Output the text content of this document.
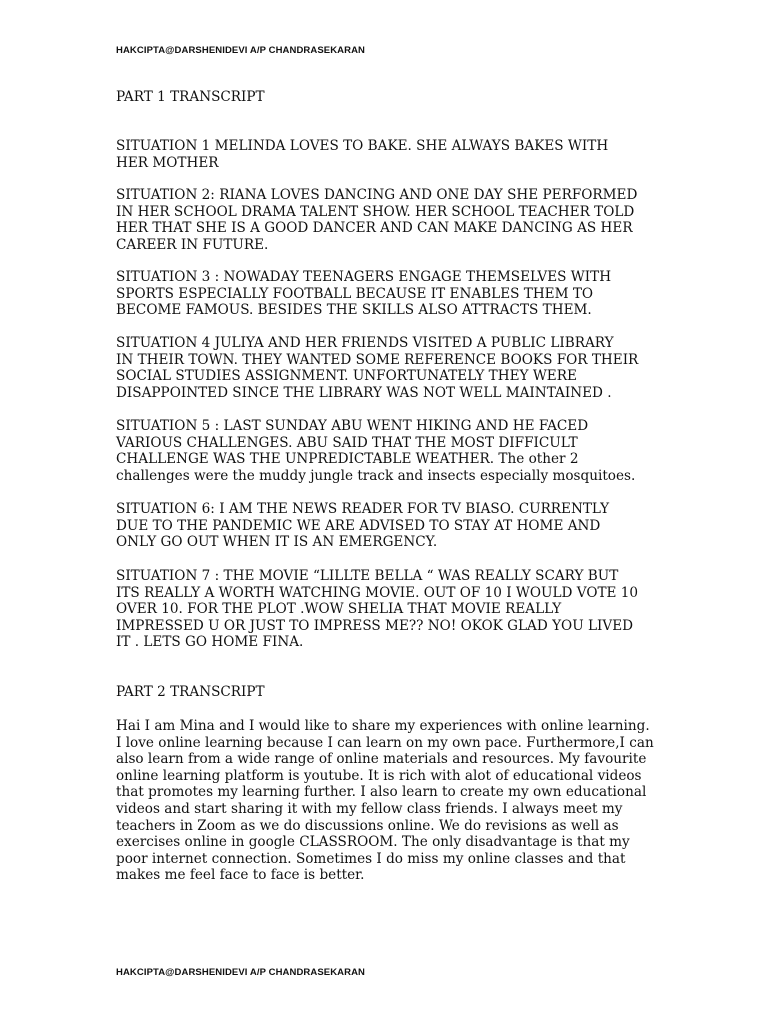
HAKCIPTA@DARSHENIDEVI A/P CHANDRASEKARAN
PART 1 TRANSCRIPT
SITUATION 1 MELINDA LOVES TO BAKE. SHE ALWAYS BAKES WITH
HER MOTHER
SITUATION 2: RIANA LOVES DANCING AND ONE DAY SHE PERFORMED
IN HER SCHOOL DRAMA TALENT SHOW. HER SCHOOL TEACHER TOLD
HER THAT SHE IS A GOOD DANCER AND CAN MAKE DANCING AS HER
CAREER IN FUTURE.
SITUATION 3 : NOWADAY TEENAGERS ENGAGE THEMSELVES WITH
SPORTS ESPECIALLY FOOTBALL BECAUSE IT ENABLES THEM TO
BECOME FAMOUS. BESIDES THE SKILLS ALSO ATTRACTS THEM.
SITUATION 4 JULIYA AND HER FRIENDS VISITED A PUBLIC LIBRARY
IN THEIR TOWN. THEY WANTED SOME REFERENCE BOOKS FOR THEIR
SOCIAL STUDIES ASSIGNMENT. UNFORTUNATELY THEY WERE
DISAPPOINTED SINCE THE LIBRARY WAS NOT WELL MAINTAINED .
SITUATION 5 : LAST SUNDAY ABU WENT HIKING AND HE FACED
VARIOUS CHALLENGES. ABU SAID THAT THE MOST DIFFICULT
CHALLENGE WAS THE UNPREDICTABLE WEATHER. The other 2
challenges were the muddy jungle track and insects especially mosquitoes.
SITUATION 6: I AM THE NEWS READER FOR TV BIASO. CURRENTLY
DUE TO THE PANDEMIC WE ARE ADVISED TO STAY AT HOME AND
ONLY GO OUT WHEN IT IS AN EMERGENCY.
SITUATION 7 : THE MOVIE “LILLTE BELLA “ WAS REALLY SCARY BUT
ITS REALLY A WORTH WATCHING MOVIE. OUT OF 10 I WOULD VOTE 10
OVER 10. FOR THE PLOT .WOW SHELIA THAT MOVIE REALLY
IMPRESSED U OR JUST TO IMPRESS ME?? NO! OKOK GLAD YOU LIVED
IT . LETS GO HOME FINA.
PART 2 TRANSCRIPT
Hai I am Mina and I would like to share my experiences with online learning.
I love online learning because I can learn on my own pace. Furthermore,I can
also learn from a wide range of online materials and resources. My favourite
online learning platform is youtube. It is rich with alot of educational videos
that promotes my learning further. I also learn to create my own educational
videos and start sharing it with my fellow class friends. I always meet my
teachers in Zoom as we do discussions online. We do revisions as well as
exercises online in google CLASSROOM. The only disadvantage is that my
poor internet connection. Sometimes I do miss my online classes and that
makes me feel face to face is better.
HAKCIPTA@DARSHENIDEVI A/P CHANDRASEKARAN
